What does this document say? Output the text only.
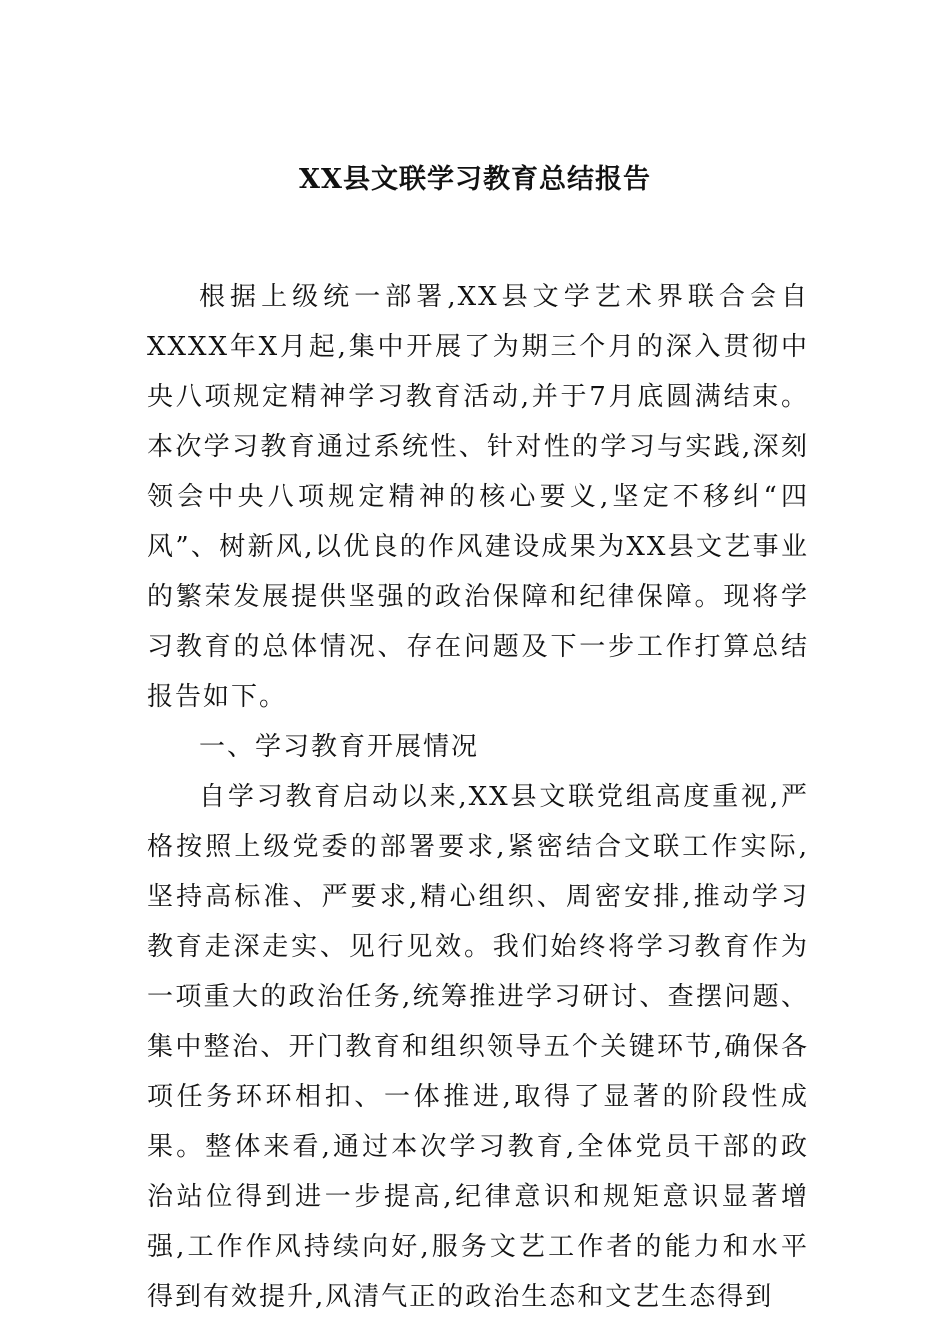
XX县文联学习教育总结报告

根据上级统一部署,XX县文学艺术界联合会自XXXX年X月起,集中开展了为期三个月的深入贯彻中央八项规定精神学习教育活动,并于7月底圆满结束。本次学习教育通过系统性、针对性的学习与实践,深刻领会中央八项规定精神的核心要义,坚定不移纠“四风”、树新风,以优良的作风建设成果为XX县文艺事业的繁荣发展提供坚强的政治保障和纪律保障。现将学习教育的总体情况、存在问题及下一步工作打算总结报告如下。

一、学习教育开展情况

自学习教育启动以来,XX县文联党组高度重视,严格按照上级党委的部署要求,紧密结合文联工作实际,坚持高标准、严要求,精心组织、周密安排,推动学习教育走深走实、见行见效。我们始终将学习教育作为一项重大的政治任务,统筹推进学习研讨、查摆问题、集中整治、开门教育和组织领导五个关键环节,确保各项任务环环相扣、一体推进,取得了显著的阶段性成果。整体来看,通过本次学习教育,全体党员干部的政治站位得到进一步提高,纪律意识和规矩意识显著增强,工作作风持续向好,服务文艺工作者的能力和水平得到有效提升,风清气正的政治生态和文艺生态得到
